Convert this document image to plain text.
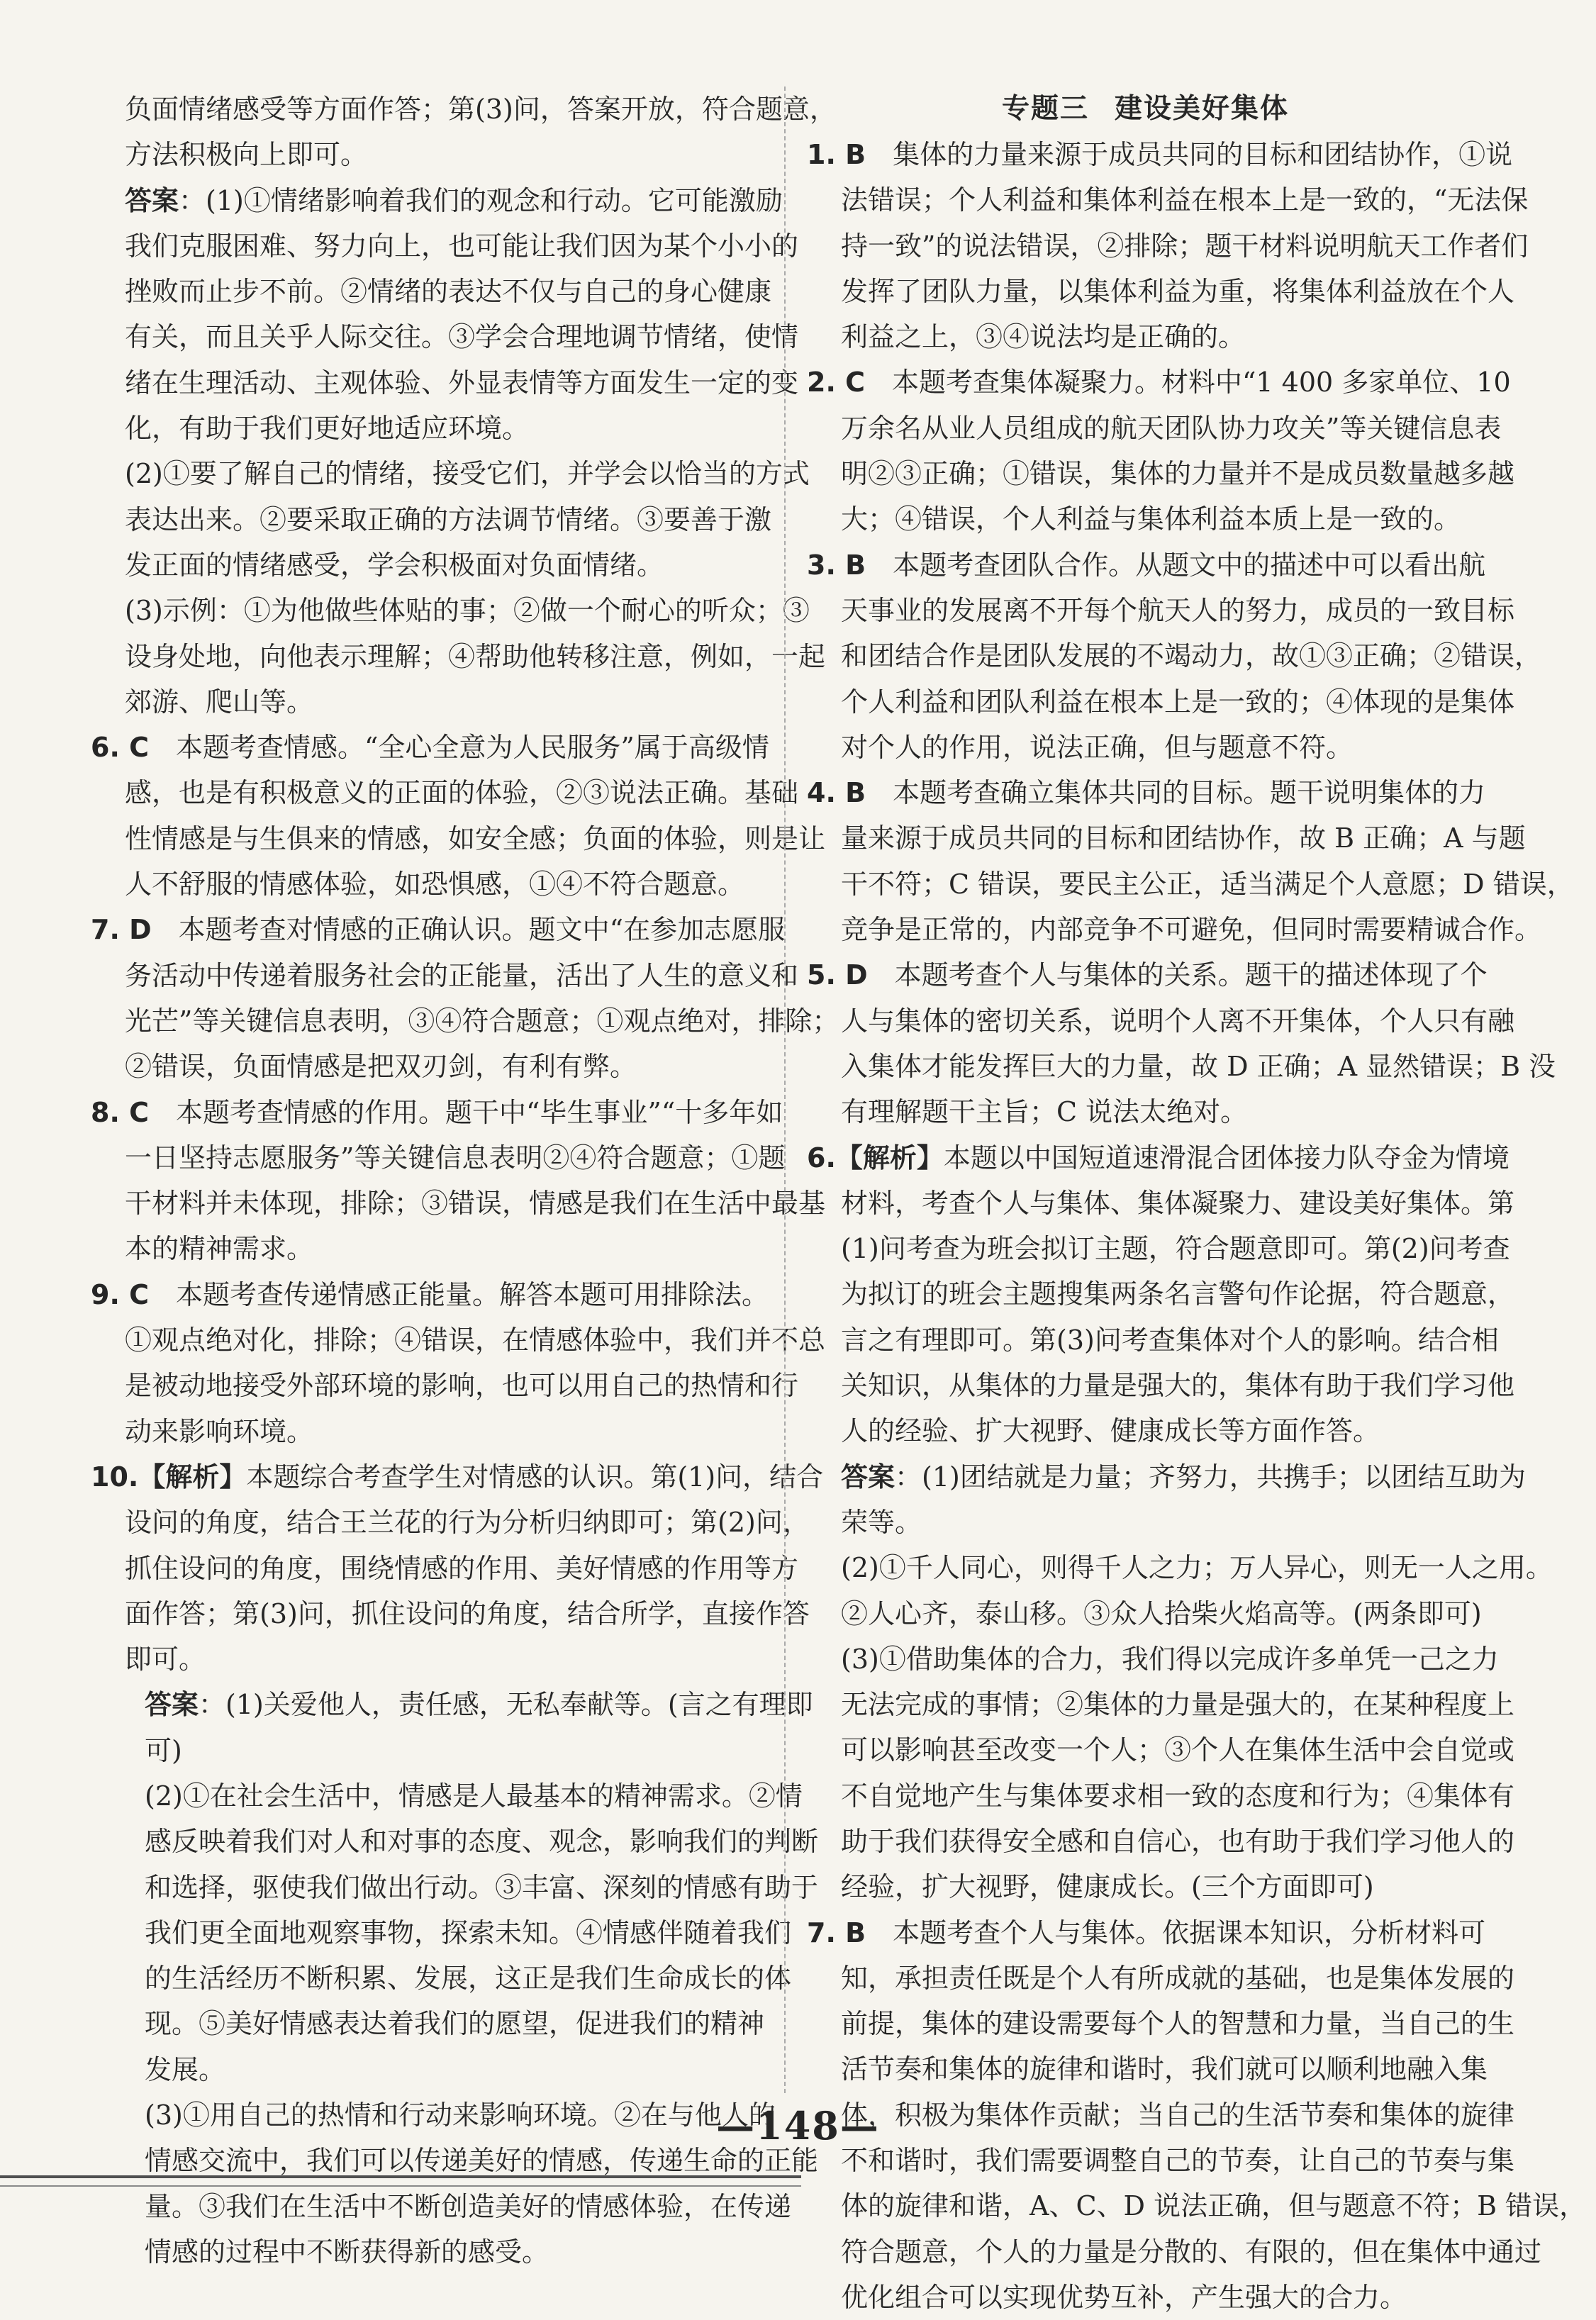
负面情绪感受等方面作答；第(3)问，答案开放，符合题意，
方法积极向上即可。
答案：(1)①情绪影响着我们的观念和行动。它可能激励
我们克服困难、努力向上，也可能让我们因为某个小小的
挫败而止步不前。②情绪的表达不仅与自己的身心健康
有关，而且关乎人际交往。③学会合理地调节情绪，使情
绪在生理活动、主观体验、外显表情等方面发生一定的变
化，有助于我们更好地适应环境。
(2)①要了解自己的情绪，接受它们，并学会以恰当的方式
表达出来。②要采取正确的方法调节情绪。③要善于激
发正面的情绪感受，学会积极面对负面情绪。
(3)示例：①为他做些体贴的事；②做一个耐心的听众；③
设身处地，向他表示理解；④帮助他转移注意，例如，一起
郊游、爬山等。
6. C　本题考查情感。“全心全意为人民服务”属于高级情
感，也是有积极意义的正面的体验，②③说法正确。基础
性情感是与生俱来的情感，如安全感；负面的体验，则是让
人不舒服的情感体验，如恐惧感，①④不符合题意。
7. D　本题考查对情感的正确认识。题文中“在参加志愿服
务活动中传递着服务社会的正能量，活出了人生的意义和
光芒”等关键信息表明，③④符合题意；①观点绝对，排除；
②错误，负面情感是把双刃剑，有利有弊。
8. C　本题考查情感的作用。题干中“毕生事业”“十多年如
一日坚持志愿服务”等关键信息表明②④符合题意；①题
干材料并未体现，排除；③错误，情感是我们在生活中最基
本的精神需求。
9. C　本题考查传递情感正能量。解答本题可用排除法。
①观点绝对化，排除；④错误，在情感体验中，我们并不总
是被动地接受外部环境的影响，也可以用自己的热情和行
动来影响环境。
10.【解析】本题综合考查学生对情感的认识。第(1)问，结合
设问的角度，结合王兰花的行为分析归纳即可；第(2)问，
抓住设问的角度，围绕情感的作用、美好情感的作用等方
面作答；第(3)问，抓住设问的角度，结合所学，直接作答
即可。
答案：(1)关爱他人，责任感，无私奉献等。(言之有理即
可)
(2)①在社会生活中，情感是人最基本的精神需求。②情
感反映着我们对人和对事的态度、观念，影响我们的判断
和选择，驱使我们做出行动。③丰富、深刻的情感有助于
我们更全面地观察事物，探索未知。④情感伴随着我们
的生活经历不断积累、发展，这正是我们生命成长的体
现。⑤美好情感表达着我们的愿望，促进我们的精神
发展。
(3)①用自己的热情和行动来影响环境。②在与他人的
情感交流中，我们可以传递美好的情感，传递生命的正能
量。③我们在生活中不断创造美好的情感体验，在传递
情感的过程中不断获得新的感受。
专题三 建设美好集体
1. B　集体的力量来源于成员共同的目标和团结协作，①说
法错误；个人利益和集体利益在根本上是一致的，“无法保
持一致”的说法错误，②排除；题干材料说明航天工作者们
发挥了团队力量，以集体利益为重，将集体利益放在个人
利益之上，③④说法均是正确的。
2. C　本题考查集体凝聚力。材料中“1 400 多家单位、10
万余名从业人员组成的航天团队协力攻关”等关键信息表
明②③正确；①错误，集体的力量并不是成员数量越多越
大；④错误，个人利益与集体利益本质上是一致的。
3. B　本题考查团队合作。从题文中的描述中可以看出航
天事业的发展离不开每个航天人的努力，成员的一致目标
和团结合作是团队发展的不竭动力，故①③正确；②错误，
个人利益和团队利益在根本上是一致的；④体现的是集体
对个人的作用，说法正确，但与题意不符。
4. B　本题考查确立集体共同的目标。题干说明集体的力
量来源于成员共同的目标和团结协作，故 B 正确；A 与题
干不符；C 错误，要民主公正，适当满足个人意愿；D 错误，
竞争是正常的，内部竞争不可避免，但同时需要精诚合作。
5. D　本题考查个人与集体的关系。题干的描述体现了个
人与集体的密切关系，说明个人离不开集体，个人只有融
入集体才能发挥巨大的力量，故 D 正确；A 显然错误；B 没
有理解题干主旨；C 说法太绝对。
6.【解析】本题以中国短道速滑混合团体接力队夺金为情境
材料，考查个人与集体、集体凝聚力、建设美好集体。第
(1)问考查为班会拟订主题，符合题意即可。第(2)问考查
为拟订的班会主题搜集两条名言警句作论据，符合题意，
言之有理即可。第(3)问考查集体对个人的影响。结合相
关知识，从集体的力量是强大的，集体有助于我们学习他
人的经验、扩大视野、健康成长等方面作答。
答案：(1)团结就是力量；齐努力，共携手；以团结互助为
荣等。
(2)①千人同心，则得千人之力；万人异心，则无一人之用。
②人心齐，泰山移。③众人拾柴火焰高等。(两条即可)
(3)①借助集体的合力，我们得以完成许多单凭一己之力
无法完成的事情；②集体的力量是强大的，在某种程度上
可以影响甚至改变一个人；③个人在集体生活中会自觉或
不自觉地产生与集体要求相一致的态度和行为；④集体有
助于我们获得安全感和自信心，也有助于我们学习他人的
经验，扩大视野，健康成长。(三个方面即可)
7. B　本题考查个人与集体。依据课本知识，分析材料可
知，承担责任既是个人有所成就的基础，也是集体发展的
前提，集体的建设需要每个人的智慧和力量，当自己的生
活节奏和集体的旋律和谐时，我们就可以顺利地融入集
体，积极为集体作贡献；当自己的生活节奏和集体的旋律
不和谐时，我们需要调整自己的节奏，让自己的节奏与集
体的旋律和谐，A、C、D 说法正确，但与题意不符；B 错误，
符合题意，个人的力量是分散的、有限的，但在集体中通过
优化组合可以实现优势互补，产生强大的合力。
—148—
